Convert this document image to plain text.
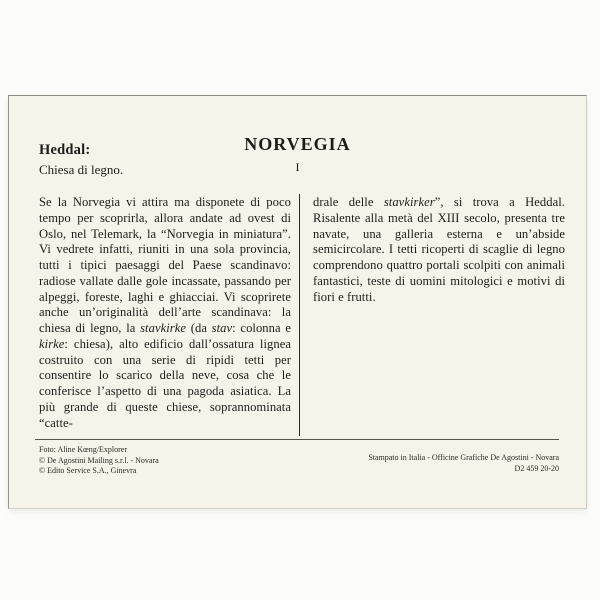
NORVEGIA
I
Heddal:
Chiesa di legno.
Se la Norvegia vi attira ma disponete di poco tempo per scoprirla, allora andate ad ovest di Oslo, nel Telemark, la “Norvegia in miniatura”. Vi vedrete infatti, riuniti in una sola provincia, tutti i tipici paesaggi del Paese scandinavo: radiose vallate dalle gole incassate, passando per alpeggi, foreste, laghi e ghiacciai. Vi scoprirete anche un’originalità dell’arte scandinava: la chiesa di legno, la stavkirke (da stav: colonna e kirke: chiesa), alto edificio dall’ossatura lignea costruito con una serie di ripidi tetti per consentire lo scarico della neve, cosa che le conferisce l’aspetto di una pagoda asiatica. La più grande di queste chiese, soprannominata “catte-
drale delle stavkirker”, si trova a Heddal. Risalente alla metà del XIII secolo, presenta tre navate, una galleria esterna e un’abside semicircolare. I tetti ricoperti di scaglie di legno comprendono quattro portali scolpiti con animali fantastici, teste di uomini mitologici e motivi di fiori e frutti.
Foto: Aline Kœng/Explorer
© De Agostini Mailing s.r.l. - Novara
© Edito Service S.A., Ginevra
Stampato in Italia - Officine Grafiche De Agostini - Novara
D2 459 20-20
